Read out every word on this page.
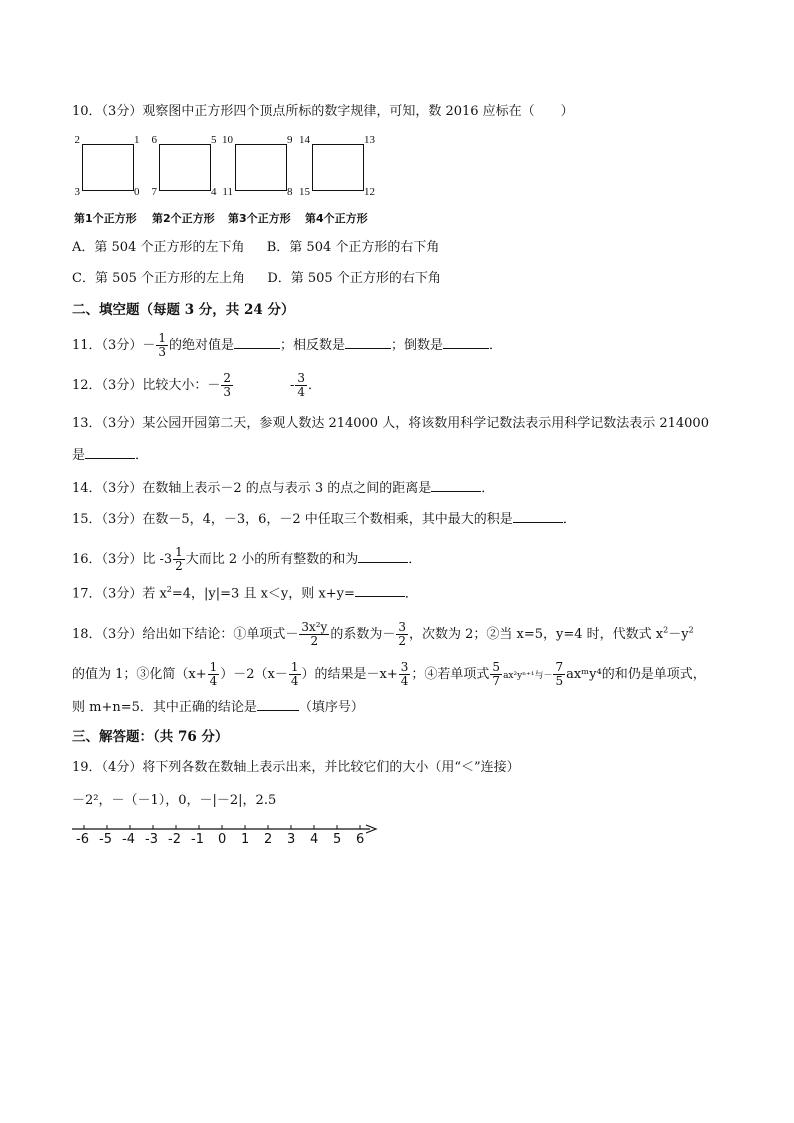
10．（3分）观察图中正方形四个顶点所标的数字规律，可知，数 2016 应标在（　　）
2	1
3	0
第1个正方形
6	5
7	4
第2个正方形
10	9
11	8
第3个正方形
14	13
15	12
第4个正方形
A．第 504 个正方形的左下角 B．第 504 个正方形的右下角
C．第 505 个正方形的左上角 D．第 505 个正方形的右下角
二、填空题（每题 3 分，共 24 分）
11．（3分）－ $\frac{1}{3}$ 的绝对值是	；相反数是	；倒数是	．
12．（3分）比较大小：－ $\frac{2}{3}$	- $\frac{3}{4}$ ．
13．（3分）某公园开园第二天，参观人数达 214000 人，将该数用科学记数法表示用科学记数法表示 214000
是	．
14．（3分）在数轴上表示－2 的点与表示 3 的点之间的距离是	．
15．（3分）在数－5，4，－3，6，－2 中任取三个数相乘，其中最大的积是	．
16．（3分）比 $-3 \frac{1}{2}$ 大而比 2 小的所有整数的和为	．
17．（3分）若 $x^2=4$，|y|=3 且 x＜y，则 x+y=	．
18．（3分）给出如下结论：①单项式－ $\frac{\text{3x²y}}{2}$ 的系数为－ $\frac{3}{2}$ ，次数为 2；②当 x=5，y=4 时，代数式 $x^2-y^2$
的值为 1；③化简$(x+ \frac{1}{4} )-2(x- \frac{1}{4}$ ）的结果是$-x+ \frac{3}{4}$ ；④若单项式 $\frac{5}{7} ax^2y^{n+1}$与－ $\frac{7}{5}$ axᵐy⁴的和仍是单项式，
则 m+n=5．其中正确的结论是	（填序号）
三、解答题：（共 76 分）
19．（4分）将下列各数在数轴上表示出来，并比较它们的大小（用“＜”连接）
－2²，－（－1），0，－|－2|，2.5
-6 -5 -4 -3 -2 -1 0 1 2 3 4 5 6
